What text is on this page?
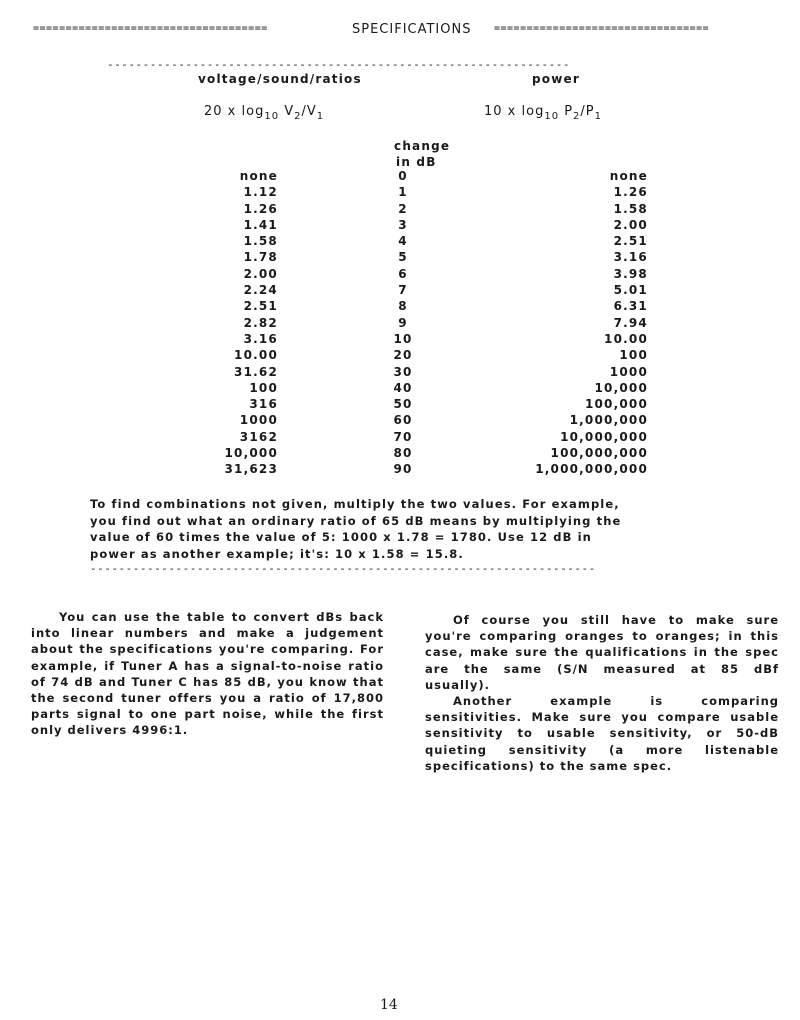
====================================	SPECIFICATIONS =================================
-----------------------------------------------------------------
voltage/sound/ratios	power
20 x $\log_{10} V_2/V_1$	10 x $\log_{10} P_2/P_1$
change
in dB
none	0	none
1.12	1	1.26
1.26	2	1.58
1.41	3	2.00
1.58	4	2.51
1.78	5	3.16
2.00	6	3.98
2.24	7	5.01
2.51	8	6.31
2.82	9	7.94
3.16	10	10.00
10.00	20	100
31.62	30	1000
100	40	10,000
316	50	100,000
1000	60	1,000,000
3162	70	10,000,000
10,000	80	100,000,000
31,623	90	1,000,000,000
To find combinations not given, multiply the two values. For example,
you find out what an ordinary ratio of 65 dB means by multiplying the
value of 60 times the value of 5: 1000 x 1.78 = 1780. Use 12 dB in
power as another example; it's: 10 x 1.58 = 15.8.
-----------------------------------------------------------------------

You can use the table to convert dBs back into linear numbers and make a judgement about the specifications you're comparing. For example, if Tuner A has a signal-to-noise ratio of 74 dB and Tuner C has 85 dB, you know that the second tuner offers you a ratio of 17,800 parts signal to one part noise, while the first only delivers 4996:1.

Of course you still have to make sure you're comparing oranges to oranges; in this case, make sure the qualifications in the spec are the same (S/N measured at 85 dBf usually).

Another example is comparing sensitivities. Make sure you compare usable sensitivity to usable sensitivity, or 50-dB quieting sensitivity (a more listenable specifications) to the same spec.

14
